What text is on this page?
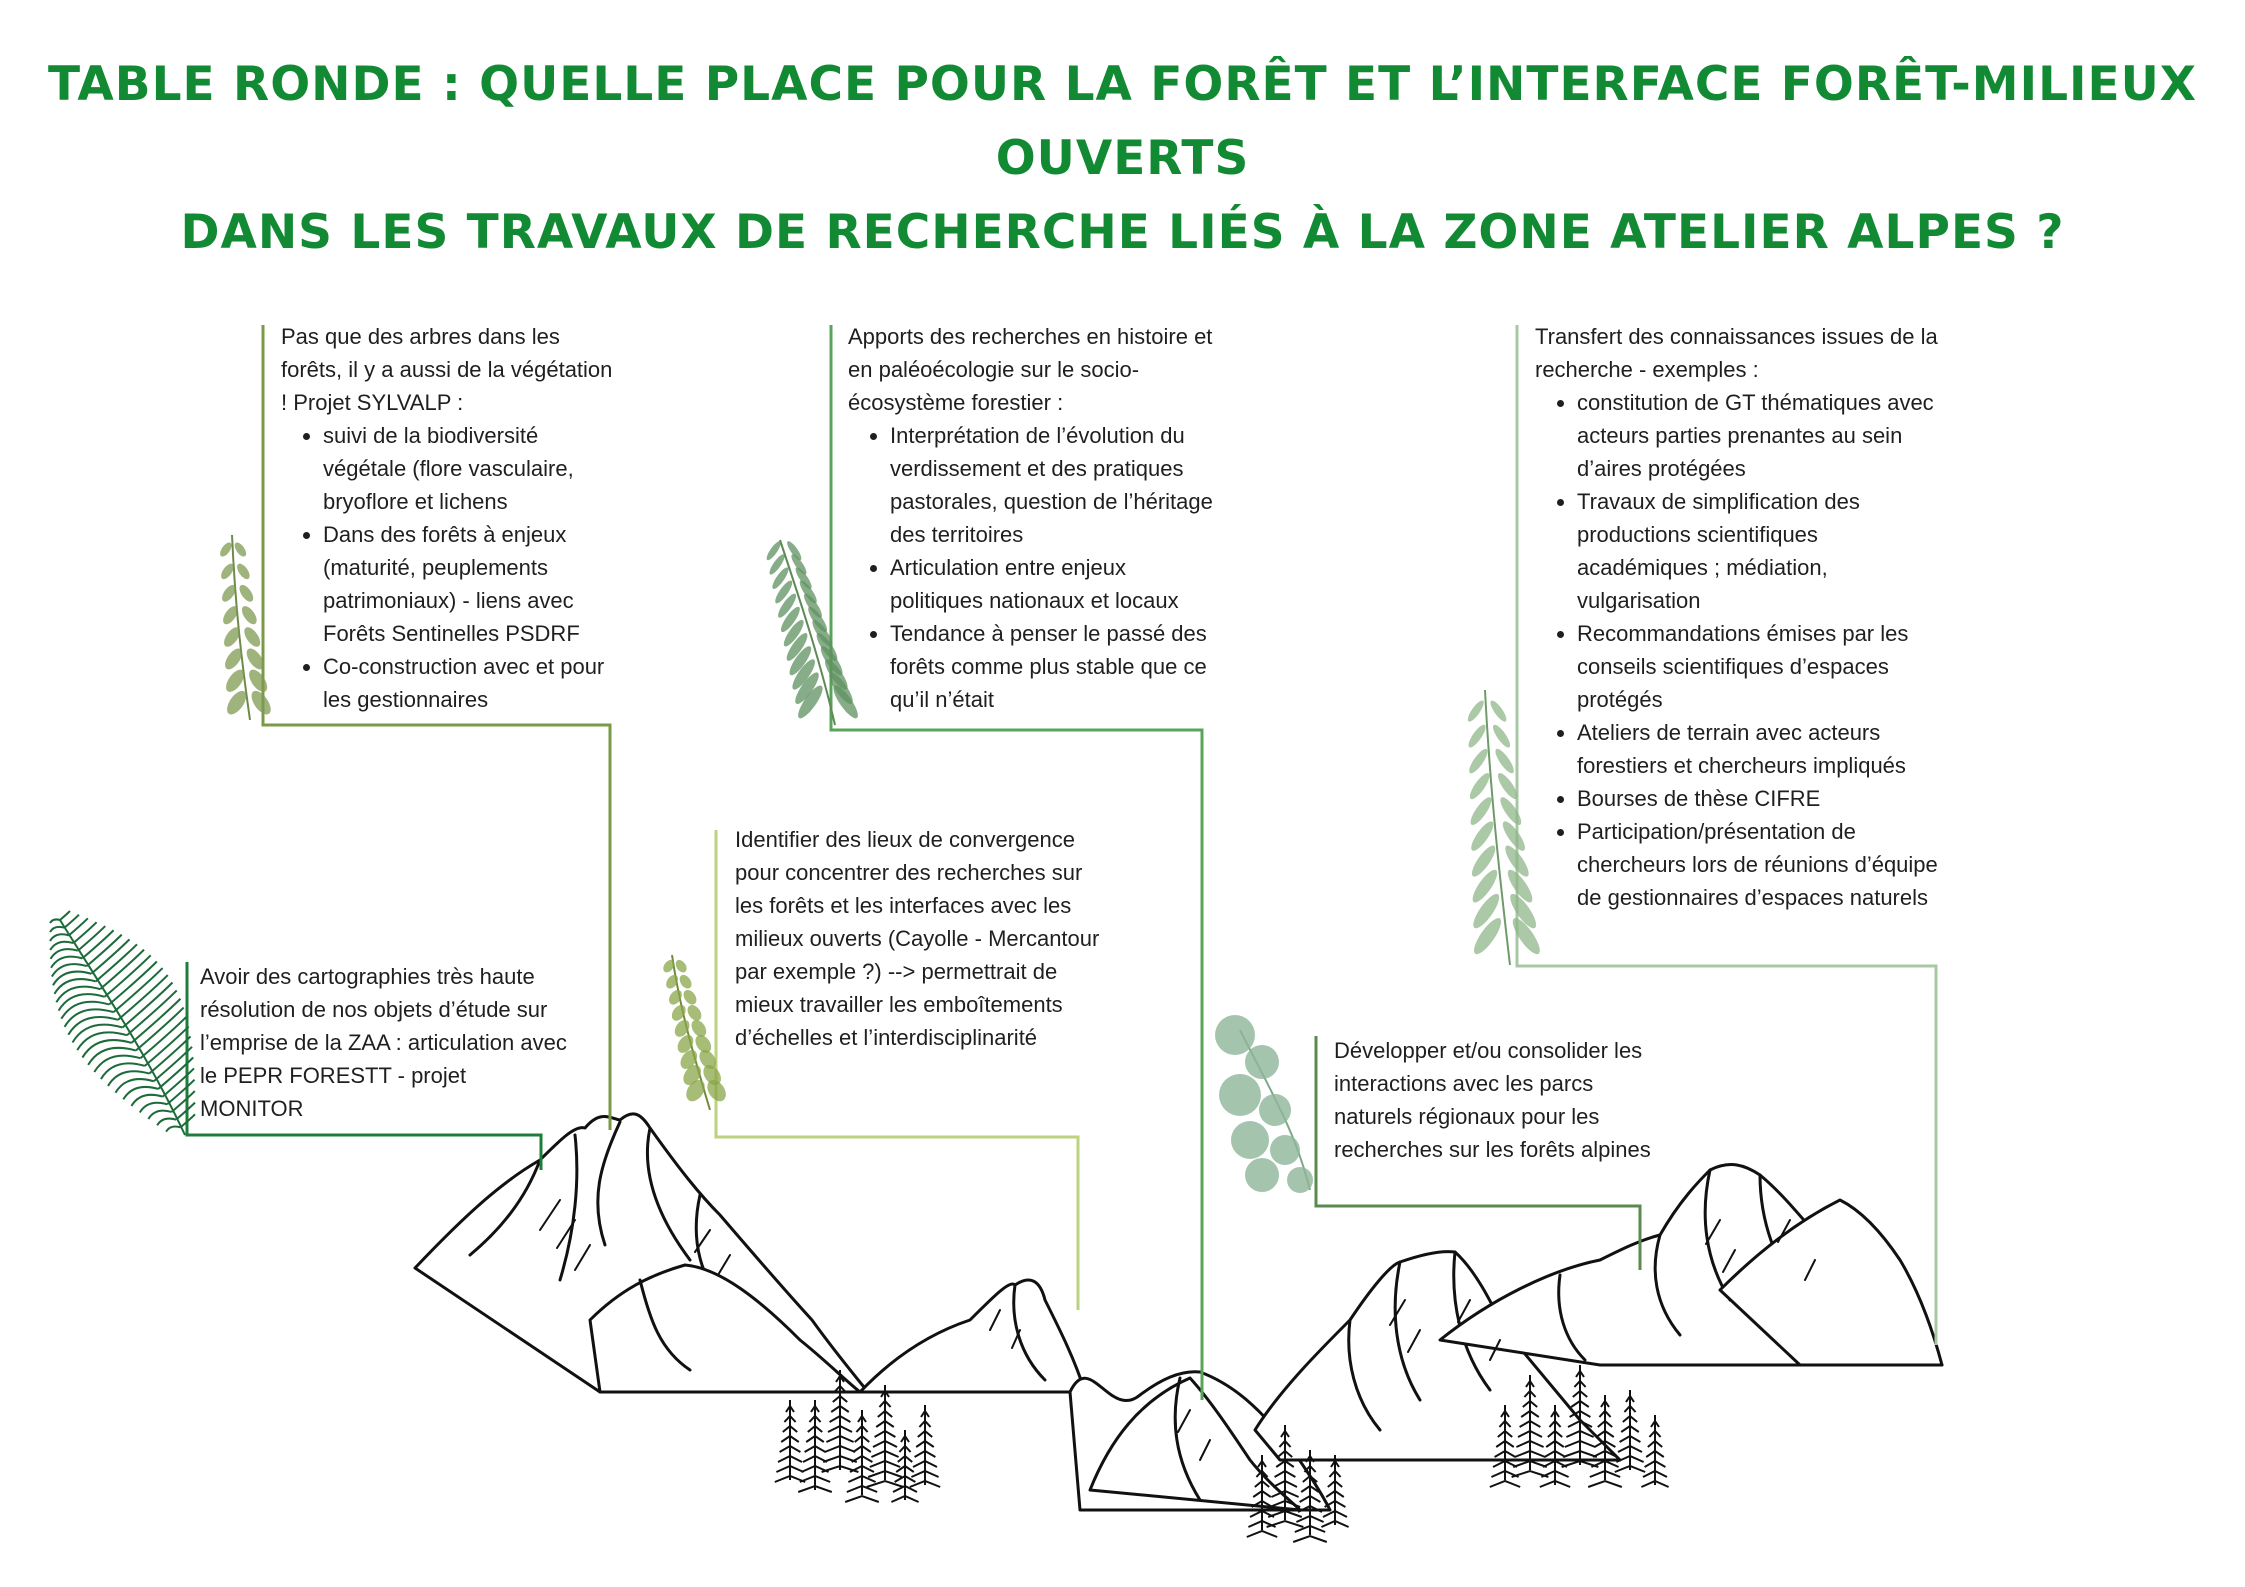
TABLE RONDE : QUELLE PLACE POUR LA FORÊT ET L’INTERFACE FORÊT-MILIEUX OUVERTS
DANS LES TRAVAUX DE RECHERCHE LIÉS À LA ZONE ATELIER ALPES ?

Pas que des arbres dans les forêts, il y a aussi de la végétation ! Projet SYLVALP :

• suivi de la biodiversité végétale (flore vasculaire, bryoflore et lichens
• Dans des forêts à enjeux (maturité, peuplements patrimoniaux) - liens avec Forêts Sentinelles PSDRF
• Co-construction avec et pour les gestionnaires

Apports des recherches en histoire et en paléoécologie sur le socio-écosystème forestier :

• Interprétation de l’évolution du verdissement et des pratiques pastorales, question de l’héritage des territoires
• Articulation entre enjeux politiques nationaux et locaux
• Tendance à penser le passé des forêts comme plus stable que ce qu’il n’était

Transfert des connaissances issues de la recherche - exemples :

• constitution de GT thématiques avec acteurs parties prenantes au sein d’aires protégées
• Travaux de simplification des productions scientifiques académiques ; médiation, vulgarisation
• Recommandations émises par les conseils scientifiques d’espaces protégés
• Ateliers de terrain avec acteurs forestiers et chercheurs impliqués
• Bourses de thèse CIFRE
• Participation/présentation de chercheurs lors de réunions d’équipe de gestionnaires d’espaces naturels

Identifier des lieux de convergence pour concentrer des recherches sur les forêts et les interfaces avec les milieux ouverts (Cayolle - Mercantour par exemple ?) --> permettrait de mieux travailler les emboîtements d’échelles et l’interdisciplinarité

Avoir des cartographies très haute résolution de nos objets d’étude sur l’emprise de la ZAA : articulation avec le PEPR FORESTT - projet MONITOR

Développer et/ou consolider les interactions avec les parcs naturels régionaux pour les recherches sur les forêts alpines
